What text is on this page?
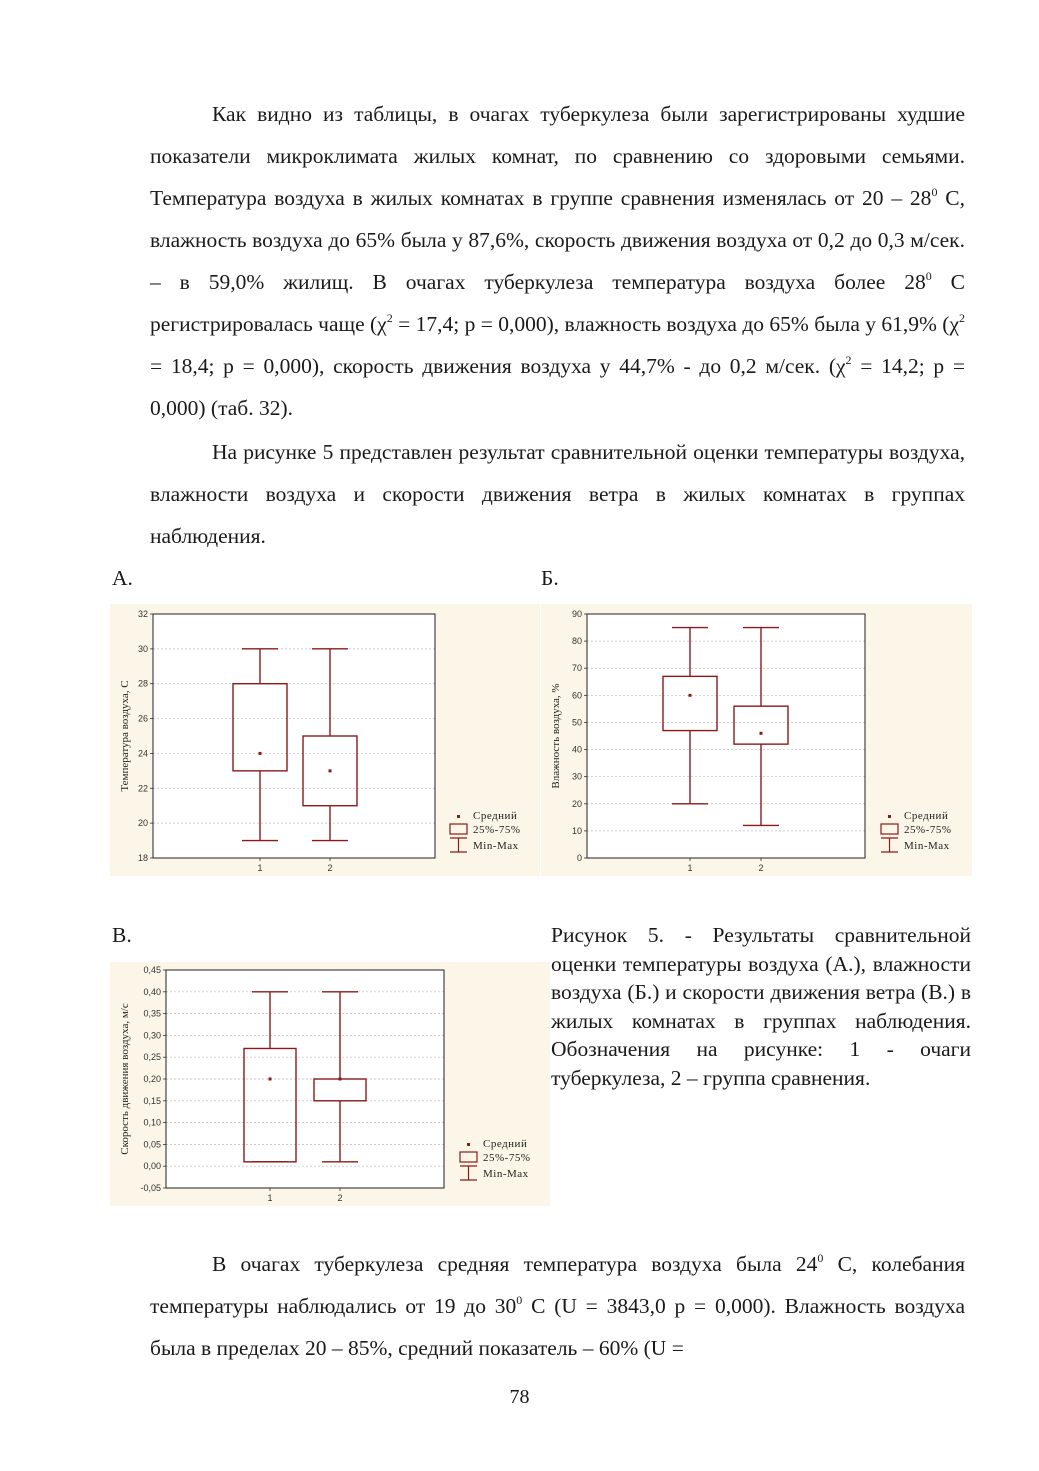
Как видно из таблицы, в очагах туберкулеза были зарегистрированы худшие показатели микроклимата жилых комнат, по сравнению со здоровыми семьями. Температура воздуха в жилых комнатах в группе сравнения изменялась от $20 - 28^0$ С, влажность воздуха до 65% была у 87,6%, скорость движения воздуха от 0,2 до 0,3 м/сек. – в 59,0% жилищ. В очагах туберкулеза температура воздуха более $28^0$ С регистрировалась чаще ($\chi^2 = 17,4$; p = 0,000), влажность воздуха до 65% была у 61,9% ($\chi^2 = 18,4$; p = 0,000), скорость движения воздуха у 44,7% - до 0,2 м/сек. ($\chi^2 = 14,2$; p = 0,000) (таб. 32).

На рисунке 5 представлен результат сравнительной оценки температуры воздуха, влажности воздуха и скорости движения ветра в жилых комнатах в группах наблюдения.

А.	Б.
В.
18
20
22
24
26
28
30
32
1	2
Температура воздуха, С
Средний
25%-75%
Min-Max
0
10
20
30
40
50
60
70
80
90
1	2
Влажность воздуха, %
Средний
25%-75%
Min-Max
-0,05
0,00
0,05
0,10
0,15
0,20
0,25
0,30
0,35
0,40
0,45
1	2
Скорость движения воздуха, м/с	Средний
25%-75%
Min-Max

Рисунок 5. - Результаты сравнительной оценки температуры воздуха (А.), влажности воздуха (Б.) и скорости движения ветра (В.) в жилых комнатах в группах наблюдения. Обозначения на рисунке: 1 - очаги туберкулеза, 2 – группа сравнения.

В очагах туберкулеза средняя температура воздуха была $24^0$ С, колебания температуры наблюдались от 19 до $30^0$ С (U = 3843,0 p = 0,000). Влажность воздуха была в пределах 20 – 85%, средний показатель – 60% (U =

78
